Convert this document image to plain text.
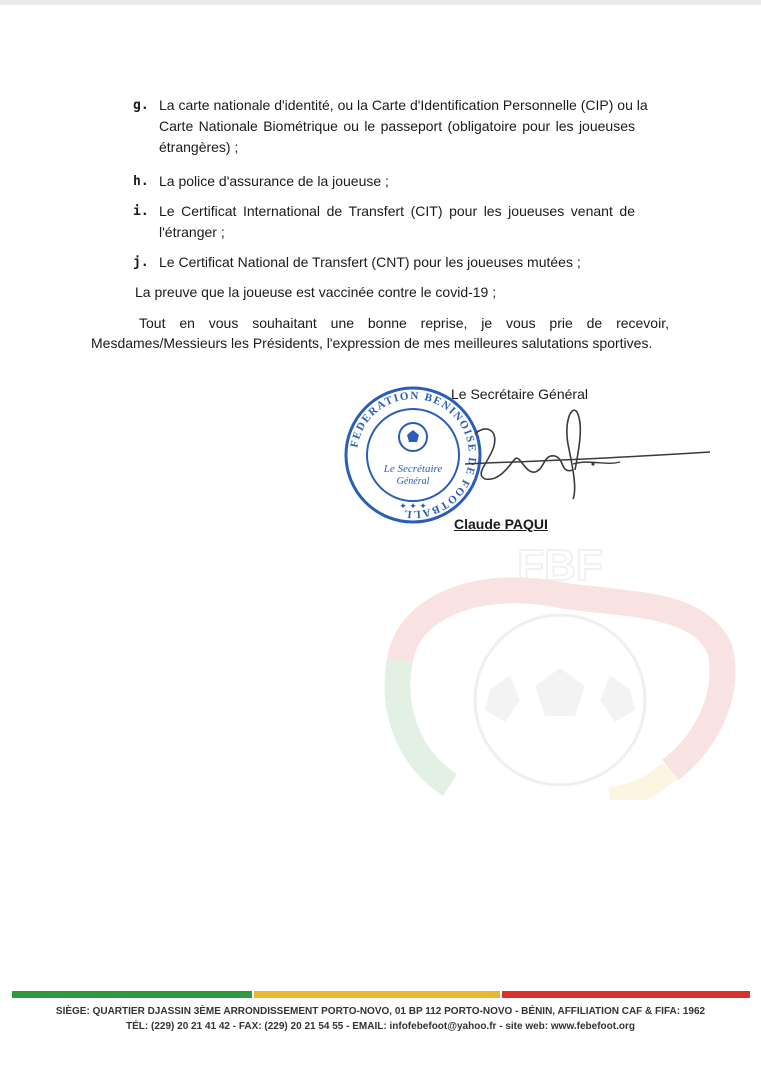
FBF
g. La carte nationale d'identité, ou la Carte d'Identification Personnelle (CIP) ou la
Carte Nationale Biométrique ou le passeport (obligatoire pour les joueuses
étrangères) ;
h. La police d'assurance de la joueuse ;
i. Le Certificat International de Transfert (CIT) pour les joueuses venant de
l'étranger ;
j. Le Certificat National de Transfert (CNT) pour les joueuses mutées ;
La preuve que la joueuse est vaccinée contre le covid-19 ;
Tout en vous souhaitant une bonne reprise, je vous prie de recevoir,
Mesdames/Messieurs les Présidents, l'expression de mes meilleures salutations sportives.
Le Secrétaire Général
FEDERATION BENINOISE DE FOOTBALL
Le Secrétaire
Général
✦ ✦ ✦
Claude PAQUI
SIÈGE: QUARTIER DJASSIN 3ÈME ARRONDISSEMENT PORTO-NOVO, 01 BP 112 PORTO-NOVO - BÉNIN, AFFILIATION CAF & FIFA: 1962
TÉL: (229) 20 21 41 42 - FAX: (229) 20 21 54 55 - EMAIL: infofebefoot@yahoo.fr - site web: www.febefoot.org
